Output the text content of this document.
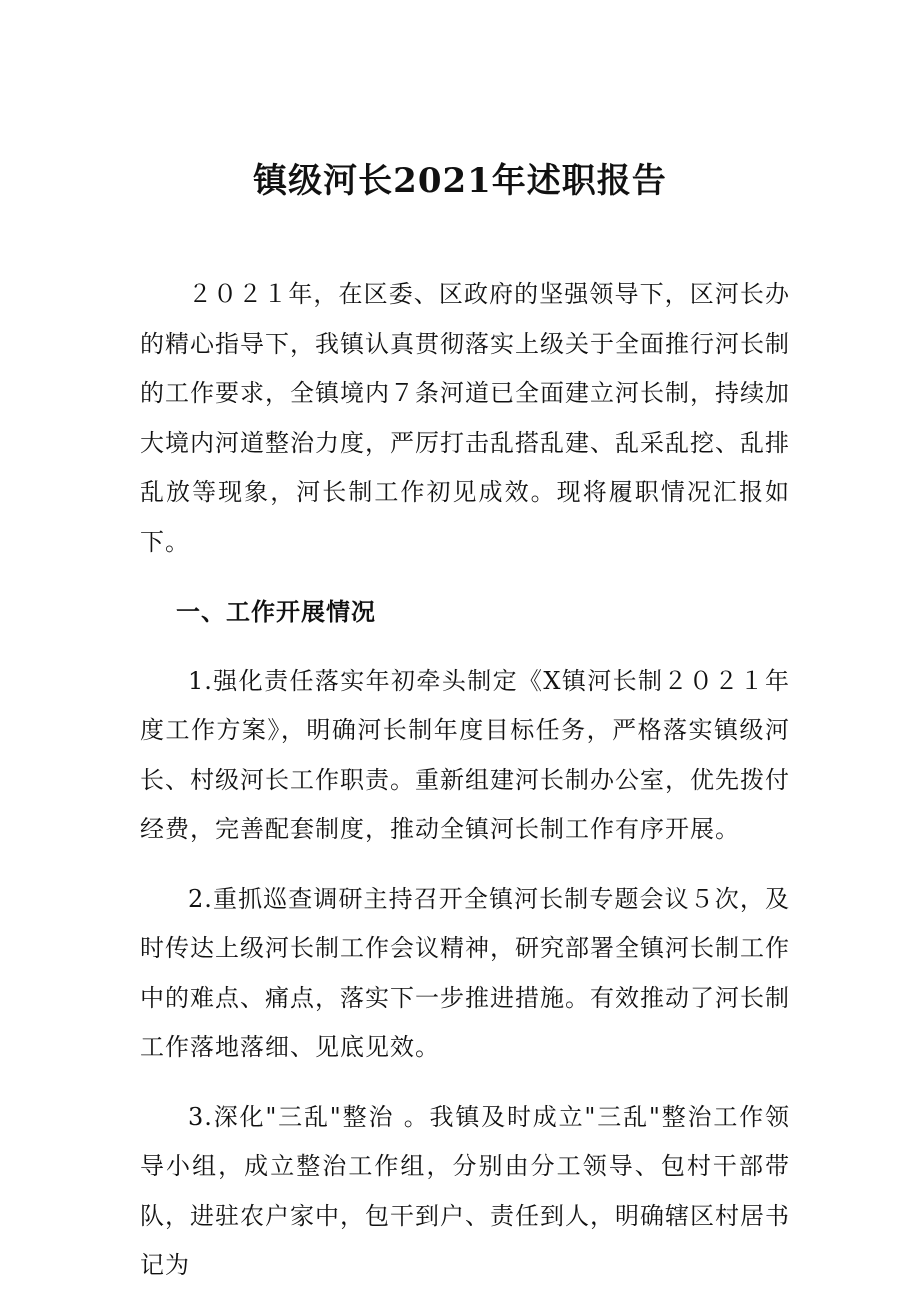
镇级河长2021年述职报告

２０２１年，在区委、区政府的坚强领导下，区河长办的精心指导下，我镇认真贯彻落实上级关于全面推行河长制的工作要求，全镇境内７条河道已全面建立河长制，持续加大境内河道整治力度，严厉打击乱搭乱建、乱采乱挖、乱排乱放等现象，河长制工作初见成效。现将履职情况汇报如下。

一、工作开展情况

1.强化责任落实年初牵头制定《X镇河长制２０２１年度工作方案》，明确河长制年度目标任务，严格落实镇级河长、村级河长工作职责。重新组建河长制办公室，优先拨付经费，完善配套制度，推动全镇河长制工作有序开展。

2.重抓巡查调研主持召开全镇河长制专题会议５次，及时传达上级河长制工作会议精神，研究部署全镇河长制工作中的难点、痛点，落实下一步推进措施。有效推动了河长制工作落地落细、见底见效。

3.深化"三乱"整治 。我镇及时成立"三乱"整治工作领导小组，成立整治工作组，分别由分工领导、包村干部带队，进驻农户家中，包干到户、责任到人，明确辖区村居书记为
